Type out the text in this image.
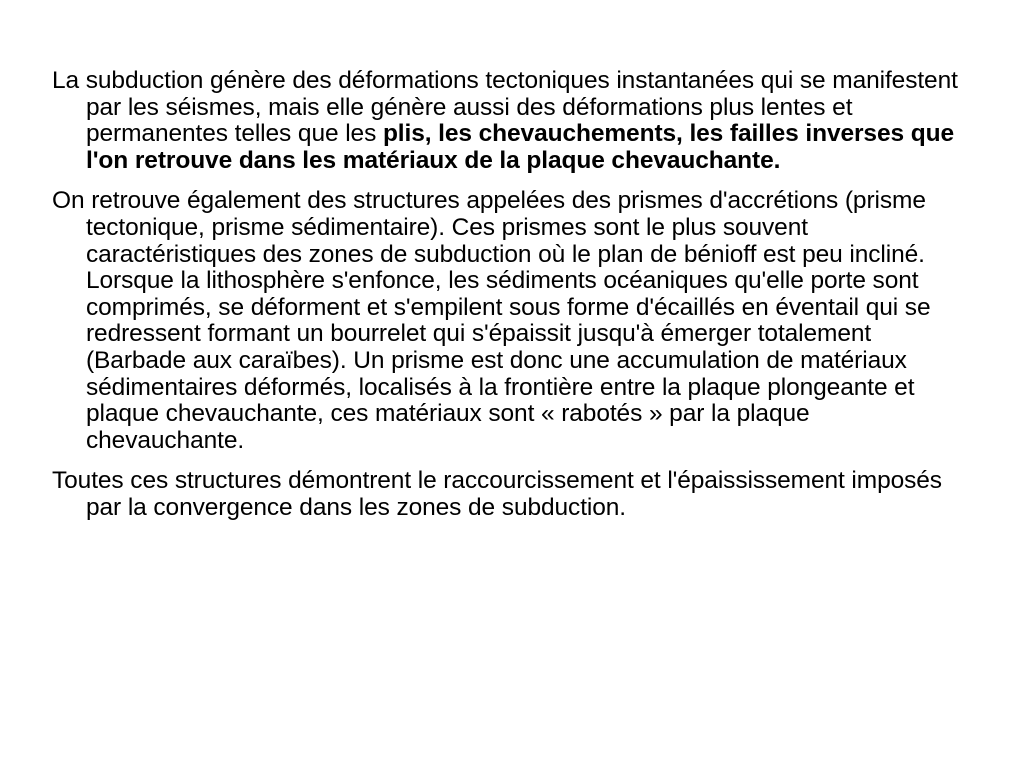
La subduction génère des déformations tectoniques instantanées qui se manifestent par les séismes, mais elle génère aussi des déformations plus lentes et permanentes telles que les plis, les chevauchements, les failles inverses que l'on retrouve dans les matériaux de la plaque chevauchante.

On retrouve également des structures appelées des prismes d'accrétions (prisme tectonique, prisme sédimentaire). Ces prismes sont le plus souvent caractéristiques des zones de subduction où le plan de bénioff est peu incliné. Lorsque la lithosphère s'enfonce, les sédiments océaniques qu'elle porte sont comprimés, se déforment et s'empilent sous forme d'écaillés en éventail qui se redressent formant un bourrelet qui s'épaissit jusqu'à émerger totalement (Barbade aux caraïbes). Un prisme est donc une accumulation de matériaux sédimentaires déformés, localisés à la frontière entre la plaque plongeante et plaque chevauchante, ces matériaux sont « rabotés » par la plaque chevauchante.

Toutes ces structures démontrent le raccourcissement et l'épaississement imposés par la convergence dans les zones de subduction.
